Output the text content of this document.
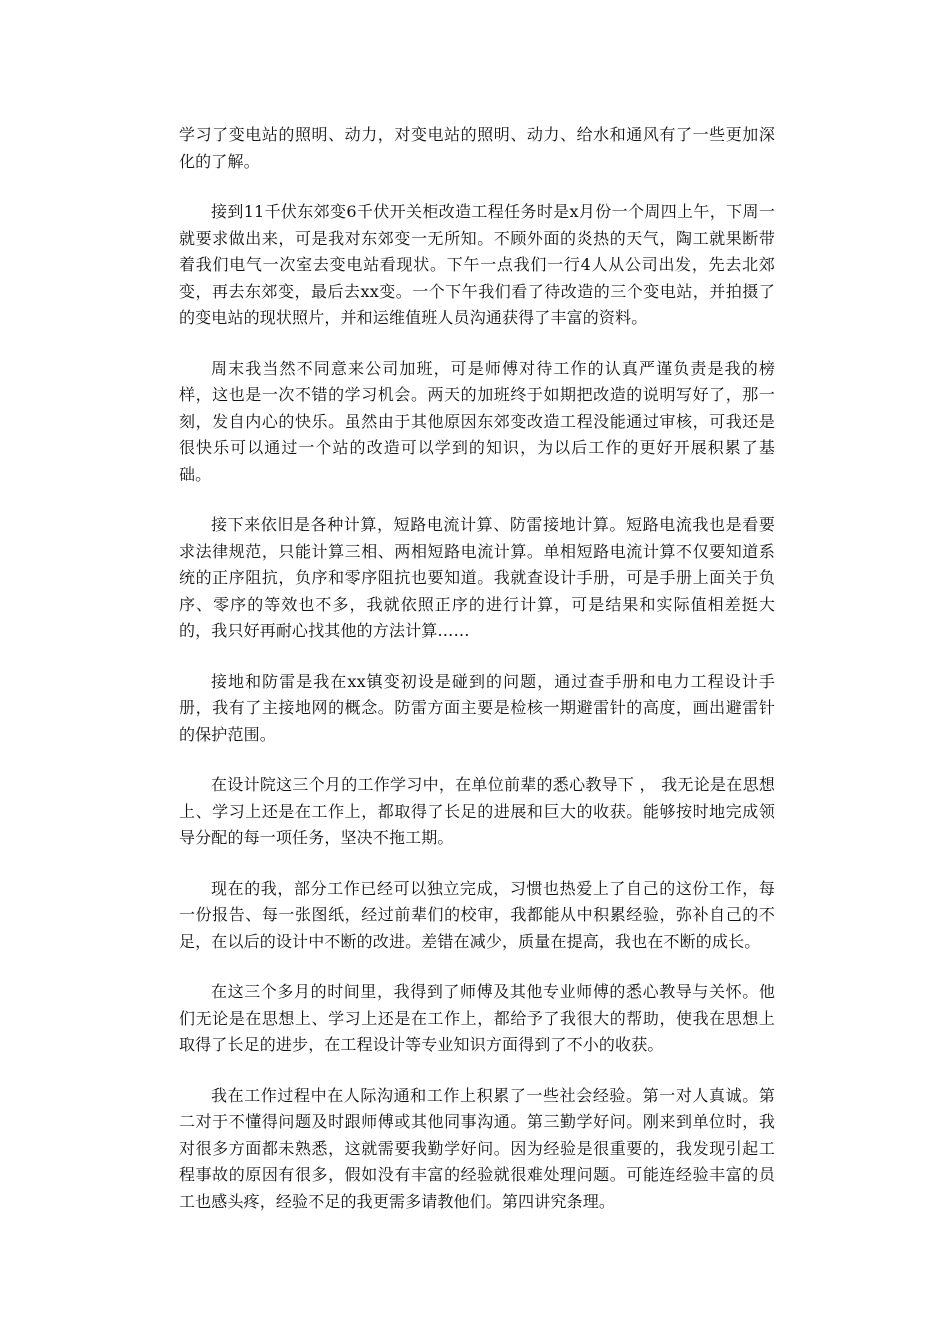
学习了变电站的照明、动力，对变电站的照明、动力、给水和通风有了一些更加深化的了解。

接到11千伏东郊变6千伏开关柜改造工程任务时是x月份一个周四上午，下周一就要求做出来，可是我对东郊变一无所知。不顾外面的炎热的天气，陶工就果断带着我们电气一次室去变电站看现状。下午一点我们一行4人从公司出发，先去北郊变，再去东郊变，最后去xx变。一个下午我们看了待改造的三个变电站，并拍摄了的变电站的现状照片，并和运维值班人员沟通获得了丰富的资料。

周末我当然不同意来公司加班，可是师傅对待工作的认真严谨负责是我的榜样，这也是一次不错的学习机会。两天的加班终于如期把改造的说明写好了，那一刻，发自内心的快乐。虽然由于其他原因东郊变改造工程没能通过审核，可我还是很快乐可以通过一个站的改造可以学到的知识，为以后工作的更好开展积累了基础。

接下来依旧是各种计算，短路电流计算、防雷接地计算。短路电流我也是看要求法律规范，只能计算三相、两相短路电流计算。单相短路电流计算不仅要知道系统的正序阻抗，负序和零序阻抗也要知道。我就查设计手册，可是手册上面关于负序、零序的等效也不多，我就依照正序的进行计算，可是结果和实际值相差挺大的，我只好再耐心找其他的方法计算……

接地和防雷是我在xx镇变初设是碰到的问题，通过查手册和电力工程设计手册，我有了主接地网的概念。防雷方面主要是检核一期避雷针的高度，画出避雷针的保护范围。

在设计院这三个月的工作学习中，在单位前辈的悉心教导下 ， 我无论是在思想上、学习上还是在工作上，都取得了长足的进展和巨大的收获。能够按时地完成领导分配的每一项任务，坚决不拖工期。

现在的我，部分工作已经可以独立完成，习惯也热爱上了自己的这份工作，每一份报告、每一张图纸，经过前辈们的校审，我都能从中积累经验，弥补自己的不足，在以后的设计中不断的改进。差错在减少，质量在提高，我也在不断的成长。

在这三个多月的时间里，我得到了师傅及其他专业师傅的悉心教导与关怀。他们无论是在思想上、学习上还是在工作上，都给予了我很大的帮助，使我在思想上取得了长足的进步，在工程设计等专业知识方面得到了不小的收获。

我在工作过程中在人际沟通和工作上积累了一些社会经验。第一对人真诚。第二对于不懂得问题及时跟师傅或其他同事沟通。第三勤学好问。刚来到单位时，我对很多方面都未熟悉，这就需要我勤学好问。因为经验是很重要的，我发现引起工程事故的原因有很多，假如没有丰富的经验就很难处理问题。可能连经验丰富的员工也感头疼，经验不足的我更需多请教他们。第四讲究条理。
